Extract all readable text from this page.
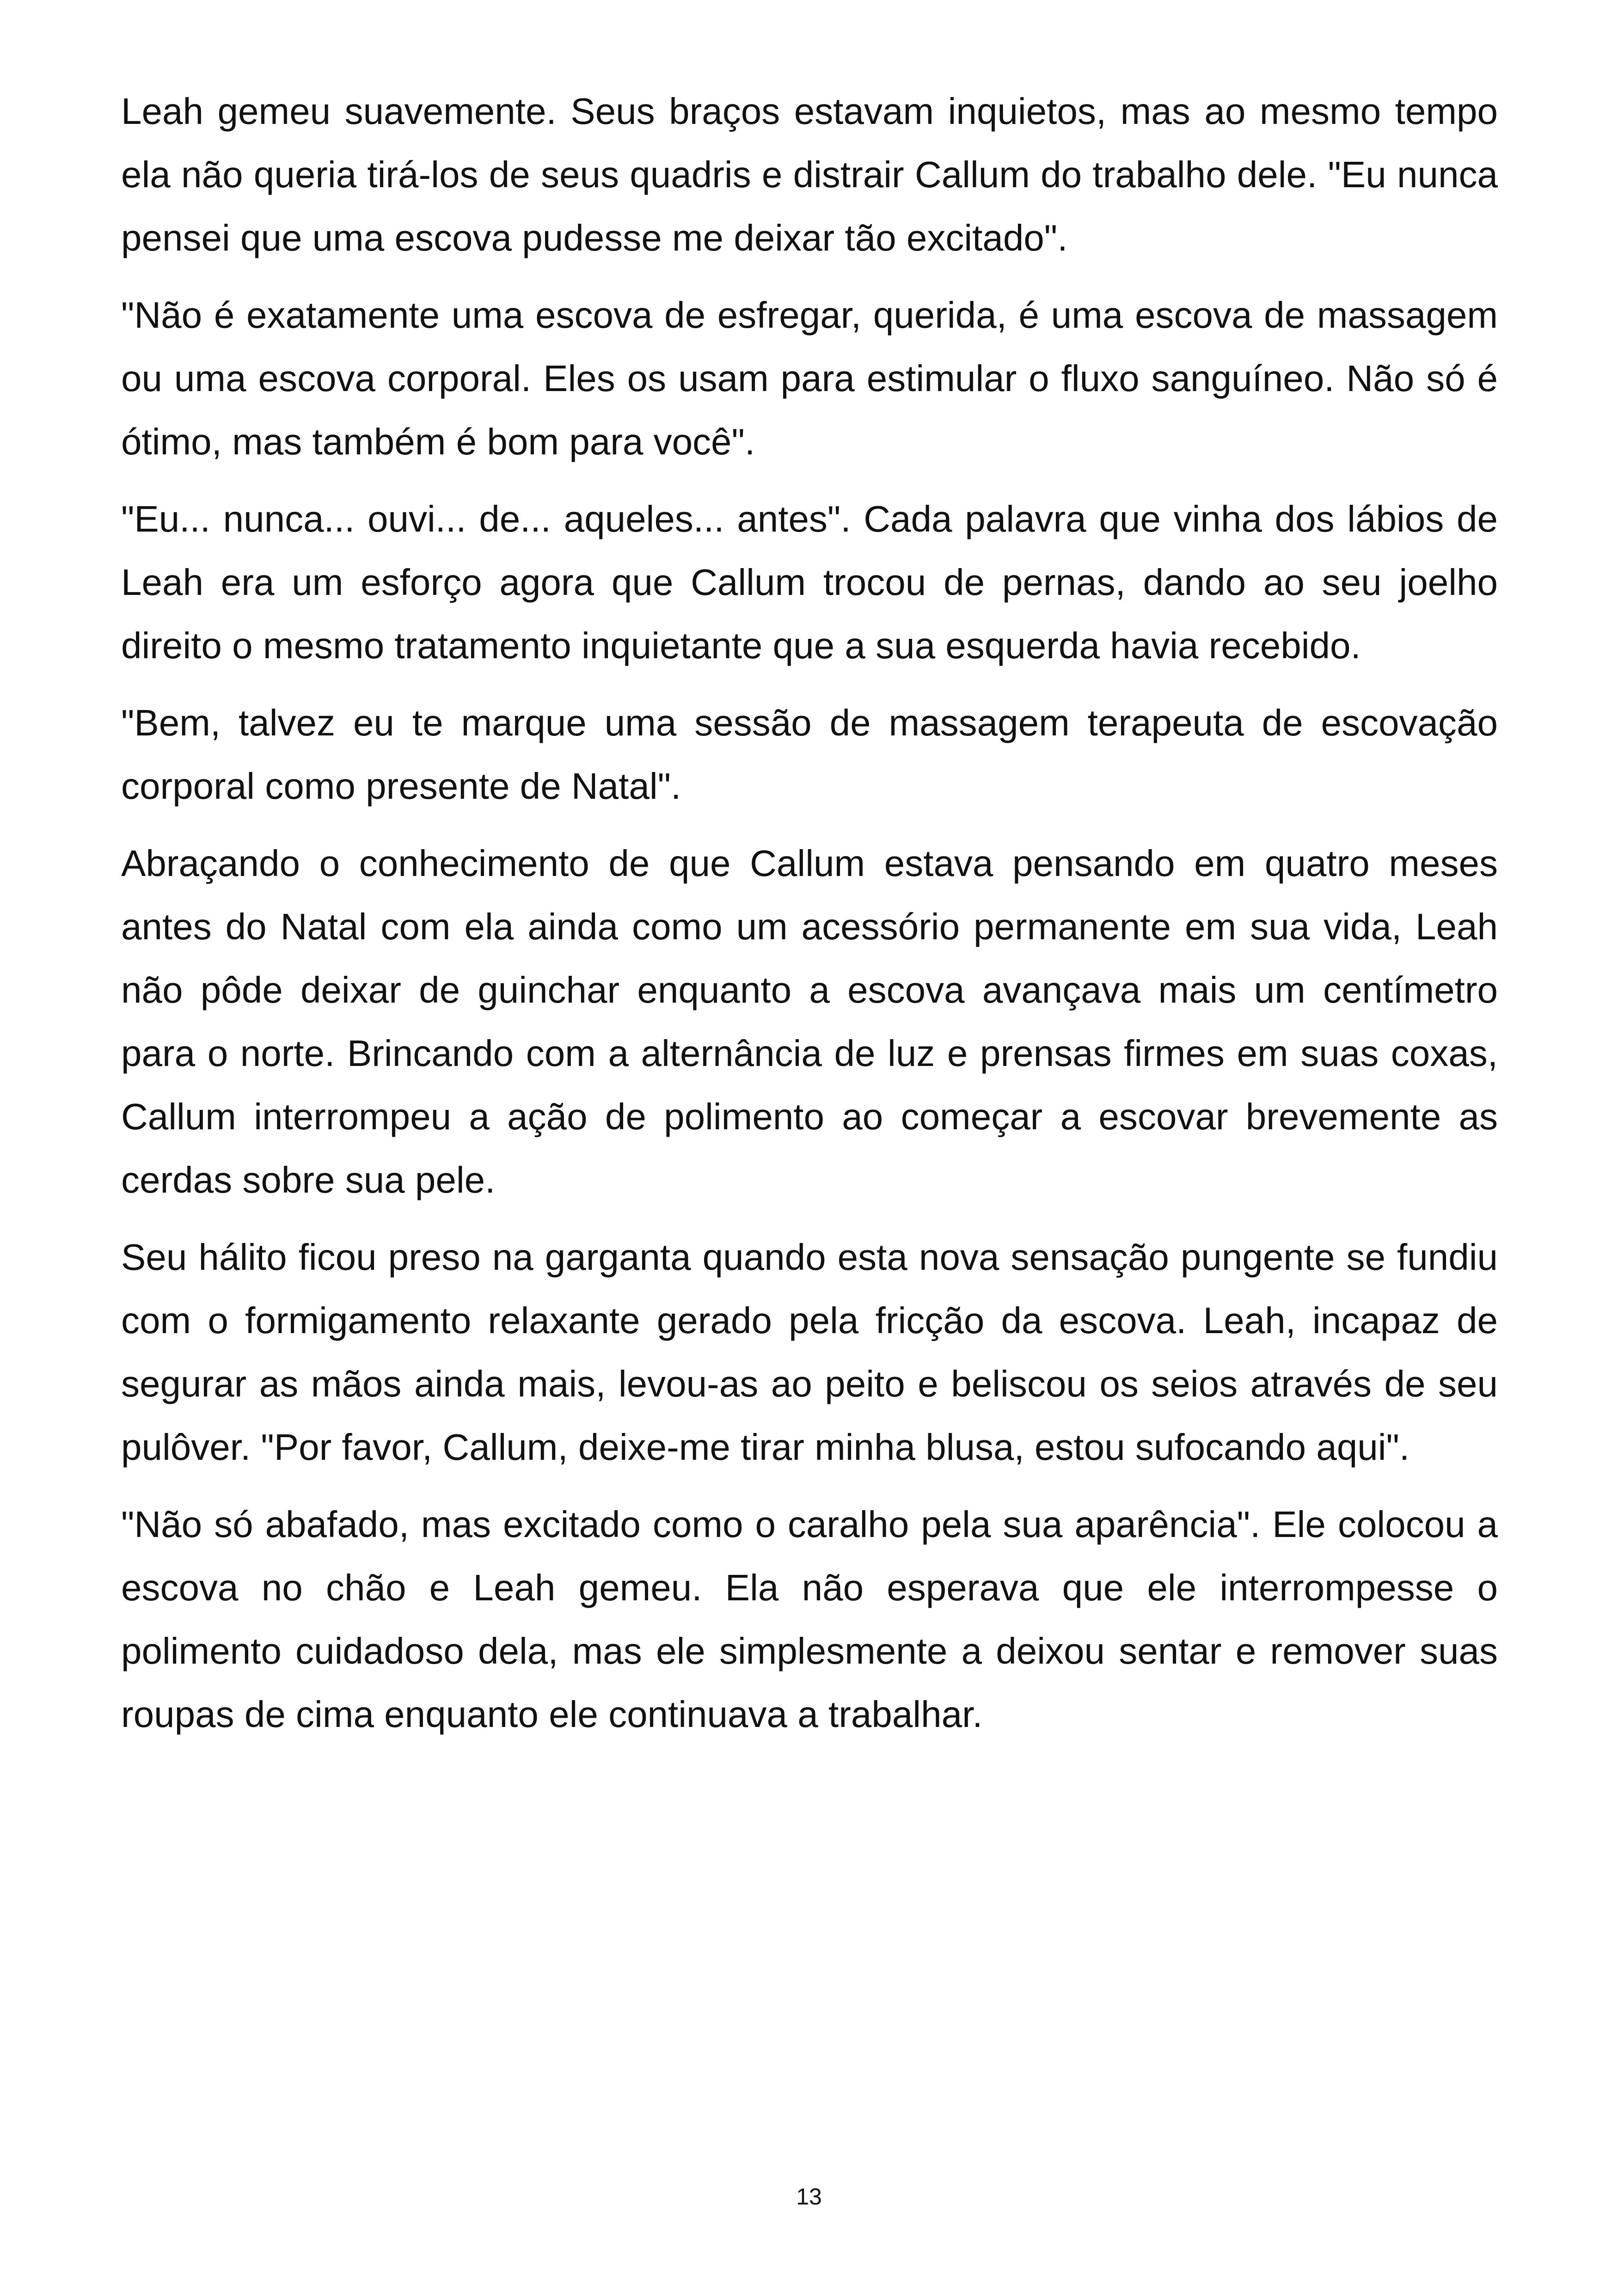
Leah gemeu suavemente. Seus braços estavam inquietos, mas ao mesmo tempo ela não queria tirá-los de seus quadris e distrair Callum do trabalho dele. "Eu nunca pensei que uma escova pudesse me deixar tão excitado".

"Não é exatamente uma escova de esfregar, querida, é uma escova de massagem ou uma escova corporal. Eles os usam para estimular o fluxo sanguíneo. Não só é ótimo, mas também é bom para você".

"Eu... nunca... ouvi... de... aqueles... antes". Cada palavra que vinha dos lábios de Leah era um esforço agora que Callum trocou de pernas, dando ao seu joelho direito o mesmo tratamento inquietante que a sua esquerda havia recebido.

"Bem, talvez eu te marque uma sessão de massagem terapeuta de escovação corporal como presente de Natal".

Abraçando o conhecimento de que Callum estava pensando em quatro meses antes do Natal com ela ainda como um acessório permanente em sua vida, Leah não pôde deixar de guinchar enquanto a escova avançava mais um centímetro para o norte. Brincando com a alternância de luz e prensas firmes em suas coxas, Callum interrompeu a ação de polimento ao começar a escovar brevemente as cerdas sobre sua pele.

Seu hálito ficou preso na garganta quando esta nova sensação pungente se fundiu com o formigamento relaxante gerado pela fricção da escova. Leah, incapaz de segurar as mãos ainda mais, levou-as ao peito e beliscou os seios através de seu pulôver. "Por favor, Callum, deixe-me tirar minha blusa, estou sufocando aqui".

"Não só abafado, mas excitado como o caralho pela sua aparência". Ele colocou a escova no chão e Leah gemeu. Ela não esperava que ele interrompesse o polimento cuidadoso dela, mas ele simplesmente a deixou sentar e remover suas roupas de cima enquanto ele continuava a trabalhar.

13
